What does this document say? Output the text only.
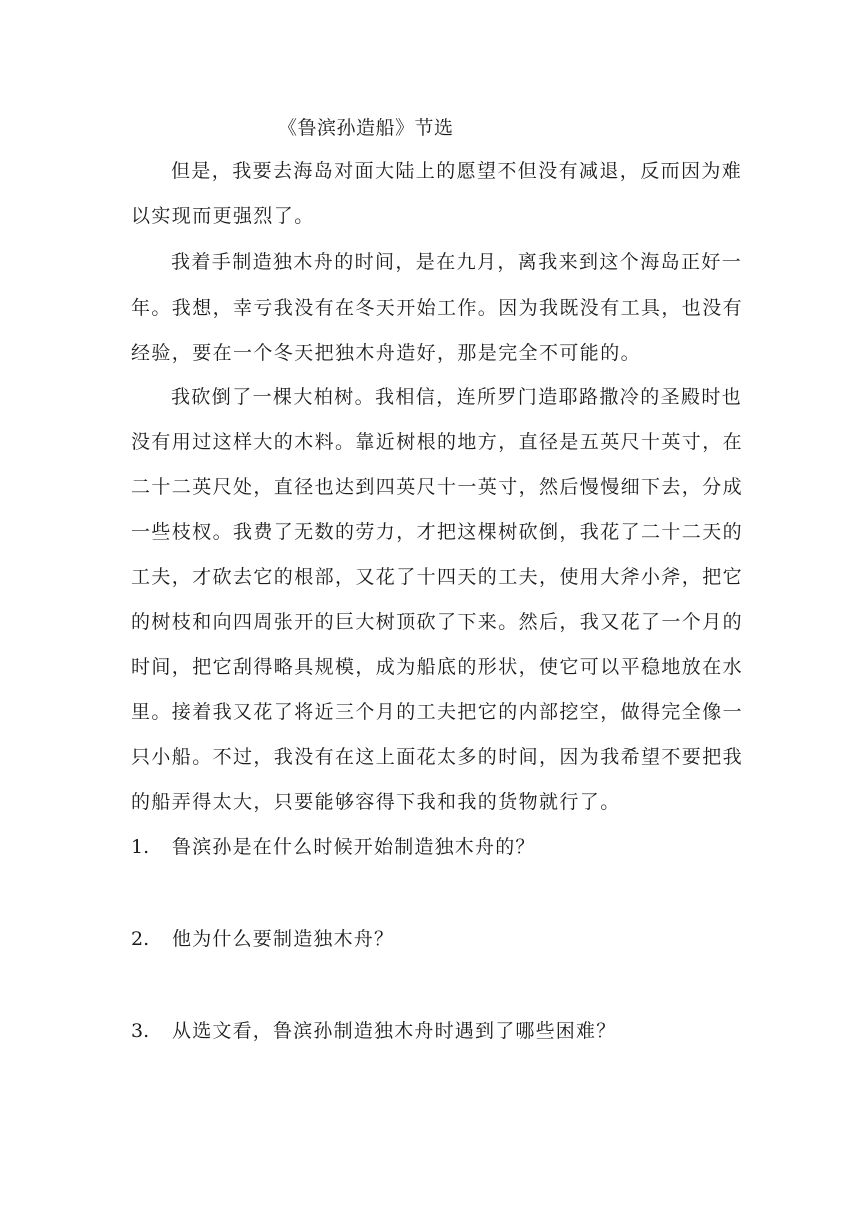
《鲁滨孙造船》节选
但是，我要去海岛对面大陆上的愿望不但没有减退，反而因为难
以实现而更强烈了。
我着手制造独木舟的时间，是在九月，离我来到这个海岛正好一
年。我想，幸亏我没有在冬天开始工作。因为我既没有工具，也没有
经验，要在一个冬天把独木舟造好，那是完全不可能的。
我砍倒了一棵大柏树。我相信，连所罗门造耶路撒冷的圣殿时也
没有用过这样大的木料。靠近树根的地方，直径是五英尺十英寸，在
二十二英尺处，直径也达到四英尺十一英寸，然后慢慢细下去，分成
一些枝杈。我费了无数的劳力，才把这棵树砍倒，我花了二十二天的
工夫，才砍去它的根部，又花了十四天的工夫，使用大斧小斧，把它
的树枝和向四周张开的巨大树顶砍了下来。然后，我又花了一个月的
时间，把它刮得略具规模，成为船底的形状，使它可以平稳地放在水
里。接着我又花了将近三个月的工夫把它的内部挖空，做得完全像一
只小船。不过，我没有在这上面花太多的时间，因为我希望不要把我
的船弄得太大，只要能够容得下我和我的货物就行了。
1. 鲁滨孙是在什么时候开始制造独木舟的？
2. 他为什么要制造独木舟？
3. 从选文看，鲁滨孙制造独木舟时遇到了哪些困难？
